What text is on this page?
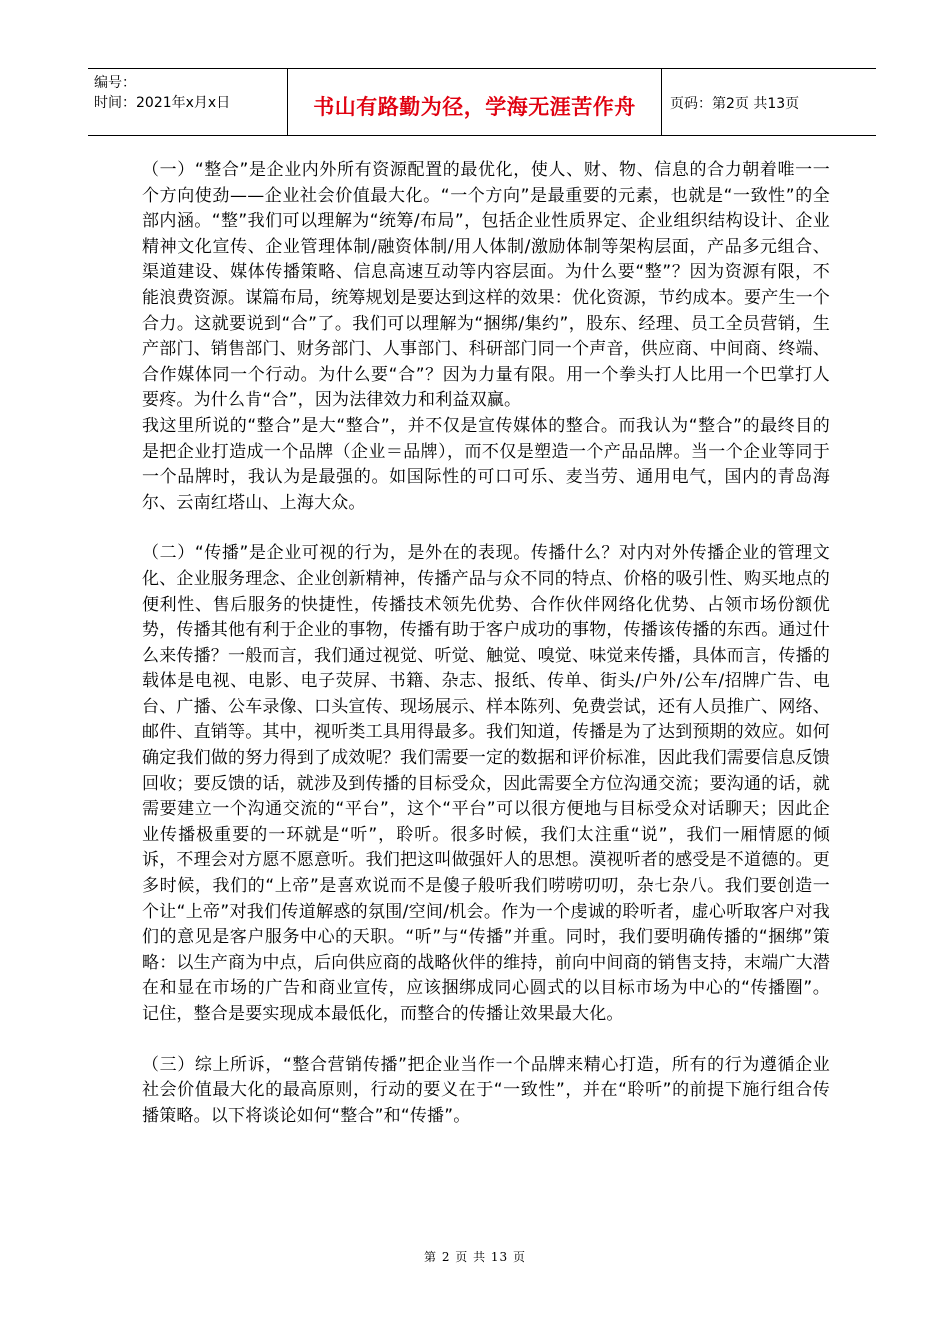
编号：
时间：2021年x月x日	书山有路勤为径，学海无涯苦作舟	页码：第2页 共13页

（一）“整合”是企业内外所有资源配置的最优化，使人、财、物、信息的合力朝着唯一一个方向使劲——企业社会价值最大化。“一个方向”是最重要的元素，也就是“一致性”的全部内涵。“整”我们可以理解为“统筹/布局”，包括企业性质界定、企业组织结构设计、企业精神文化宣传、企业管理体制/融资体制/用人体制/激励体制等架构层面，产品多元组合、渠道建设、媒体传播策略、信息高速互动等内容层面。为什么要“整”？因为资源有限，不能浪费资源。谋篇布局，统筹规划是要达到这样的效果：优化资源，节约成本。要产生一个合力。这就要说到“合”了。我们可以理解为“捆绑/集约”，股东、经理、员工全员营销，生产部门、销售部门、财务部门、人事部门、科研部门同一个声音，供应商、中间商、终端、合作媒体同一个行动。为什么要“合”？因为力量有限。用一个拳头打人比用一个巴掌打人要疼。为什么肯“合”，因为法律效力和利益双赢。

我这里所说的“整合”是大“整合”，并不仅是宣传媒体的整合。而我认为“整合”的最终目的是把企业打造成一个品牌（企业＝品牌），而不仅是塑造一个产品品牌。当一个企业等同于一个品牌时，我认为是最强的。如国际性的可口可乐、麦当劳、通用电气，国内的青岛海尔、云南红塔山、上海大众。

（二）“传播”是企业可视的行为，是外在的表现。传播什么？对内对外传播企业的管理文化、企业服务理念、企业创新精神，传播产品与众不同的特点、价格的吸引性、购买地点的便利性、售后服务的快捷性，传播技术领先优势、合作伙伴网络化优势、占领市场份额优势，传播其他有利于企业的事物，传播有助于客户成功的事物，传播该传播的东西。通过什么来传播？一般而言，我们通过视觉、听觉、触觉、嗅觉、味觉来传播，具体而言，传播的载体是电视、电影、电子荧屏、书籍、杂志、报纸、传单、街头/户外/公车/招牌广告、电台、广播、公车录像、口头宣传、现场展示、样本陈列、免费尝试，还有人员推广、网络、邮件、直销等。其中，视听类工具用得最多。我们知道，传播是为了达到预期的效应。如何确定我们做的努力得到了成效呢？我们需要一定的数据和评价标准，因此我们需要信息反馈回收；要反馈的话，就涉及到传播的目标受众，因此需要全方位沟通交流；要沟通的话，就需要建立一个沟通交流的“平台”，这个“平台”可以很方便地与目标受众对话聊天；因此企业传播极重要的一环就是“听”，聆听。很多时候，我们太注重“说”，我们一厢情愿的倾诉，不理会对方愿不愿意听。我们把这叫做强奸人的思想。漠视听者的感受是不道德的。更多时候，我们的“上帝”是喜欢说而不是傻子般听我们唠唠叨叨，杂七杂八。我们要创造一个让“上帝”对我们传道解惑的氛围/空间/机会。作为一个虔诚的聆听者，虚心听取客户对我们的意见是客户服务中心的天职。“听”与“传播”并重。同时，我们要明确传播的“捆绑”策略：以生产商为中点，后向供应商的战略伙伴的维持，前向中间商的销售支持，末端广大潜在和显在市场的广告和商业宣传，应该捆绑成同心圆式的以目标市场为中心的“传播圈”。记住，整合是要实现成本最低化，而整合的传播让效果最大化。

（三）综上所诉，“整合营销传播”把企业当作一个品牌来精心打造，所有的行为遵循企业社会价值最大化的最高原则，行动的要义在于“一致性”，并在“聆听”的前提下施行组合传播策略。以下将谈论如何“整合”和“传播”。

第 2 页 共 13 页
